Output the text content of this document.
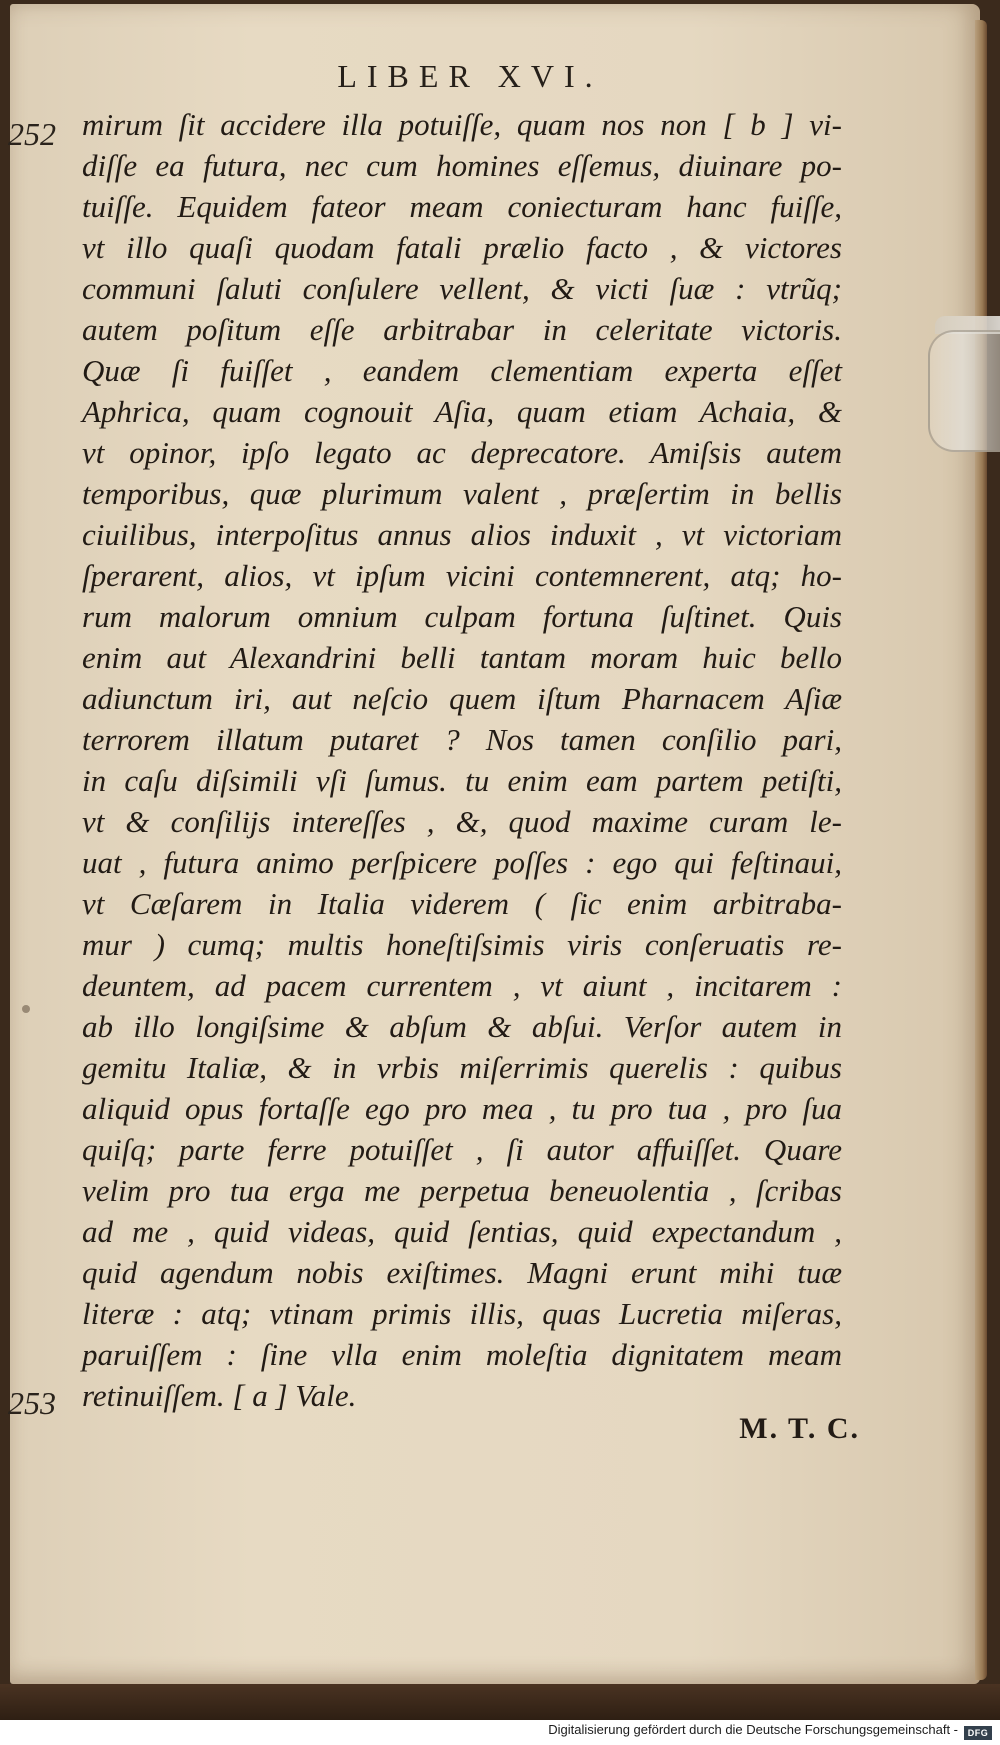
LIBER XVI.
252
253
mirum ſit accidere illa potuiſſe, quam nos non [ b ] vi-
diſſe ea futura, nec cum homines eſſemus, diuinare po-
tuiſſe. Equidem fateor meam coniecturam hanc fuiſſe,
vt illo quaſi quodam fatali prælio facto , & victores
communi ſaluti conſulere vellent, & victi ſuæ : vtrũq;
autem poſitum eſſe arbitrabar in celeritate victoris.
Quæ ſi fuiſſet , eandem clementiam experta eſſet
Aphrica, quam cognouit Aſia, quam etiam Achaia, &
vt opinor, ipſo legato ac deprecatore. Amiſsis autem
temporibus, quæ plurimum valent , præſertim in bellis
ciuilibus, interpoſitus annus alios induxit , vt victoriam
ſperarent, alios, vt ipſum vicini contemnerent, atq; ho-
rum malorum omnium culpam fortuna ſuſtinet. Quis
enim aut Alexandrini belli tantam moram huic bello
adiunctum iri, aut neſcio quem iſtum Pharnacem Aſiæ
terrorem illatum putaret ? Nos tamen conſilio pari,
in caſu diſsimili vſi ſumus. tu enim eam partem petiſti,
vt & conſilijs intereſſes , &, quod maxime curam le-
uat , futura animo perſpicere poſſes : ego qui feſtinaui,
vt Cæſarem in Italia viderem ( ſic enim arbitraba-
mur ) cumq; multis honeſtiſsimis viris conſeruatis re-
deuntem, ad pacem currentem , vt aiunt , incitarem :
ab illo longiſsime & abſum & abſui. Verſor autem in
gemitu Italiæ, & in vrbis miſerrimis querelis : quibus
aliquid opus fortaſſe ego pro mea , tu pro tua , pro ſua
quiſq; parte ferre potuiſſet , ſi autor affuiſſet. Quare
velim pro tua erga me perpetua beneuolentia , ſcribas
ad me , quid videas, quid ſentias, quid expectandum ,
quid agendum nobis exiſtimes. Magni erunt mihi tuæ
literæ : atq; vtinam primis illis, quas Lucretia miſeras,
paruiſſem : ſine vlla enim moleſtia dignitatem meam
retinuiſſem. [ a ] Vale.
M. T. C.
Digitalisierung gefördert durch die Deutsche Forschungsgemeinschaft -	DFG
